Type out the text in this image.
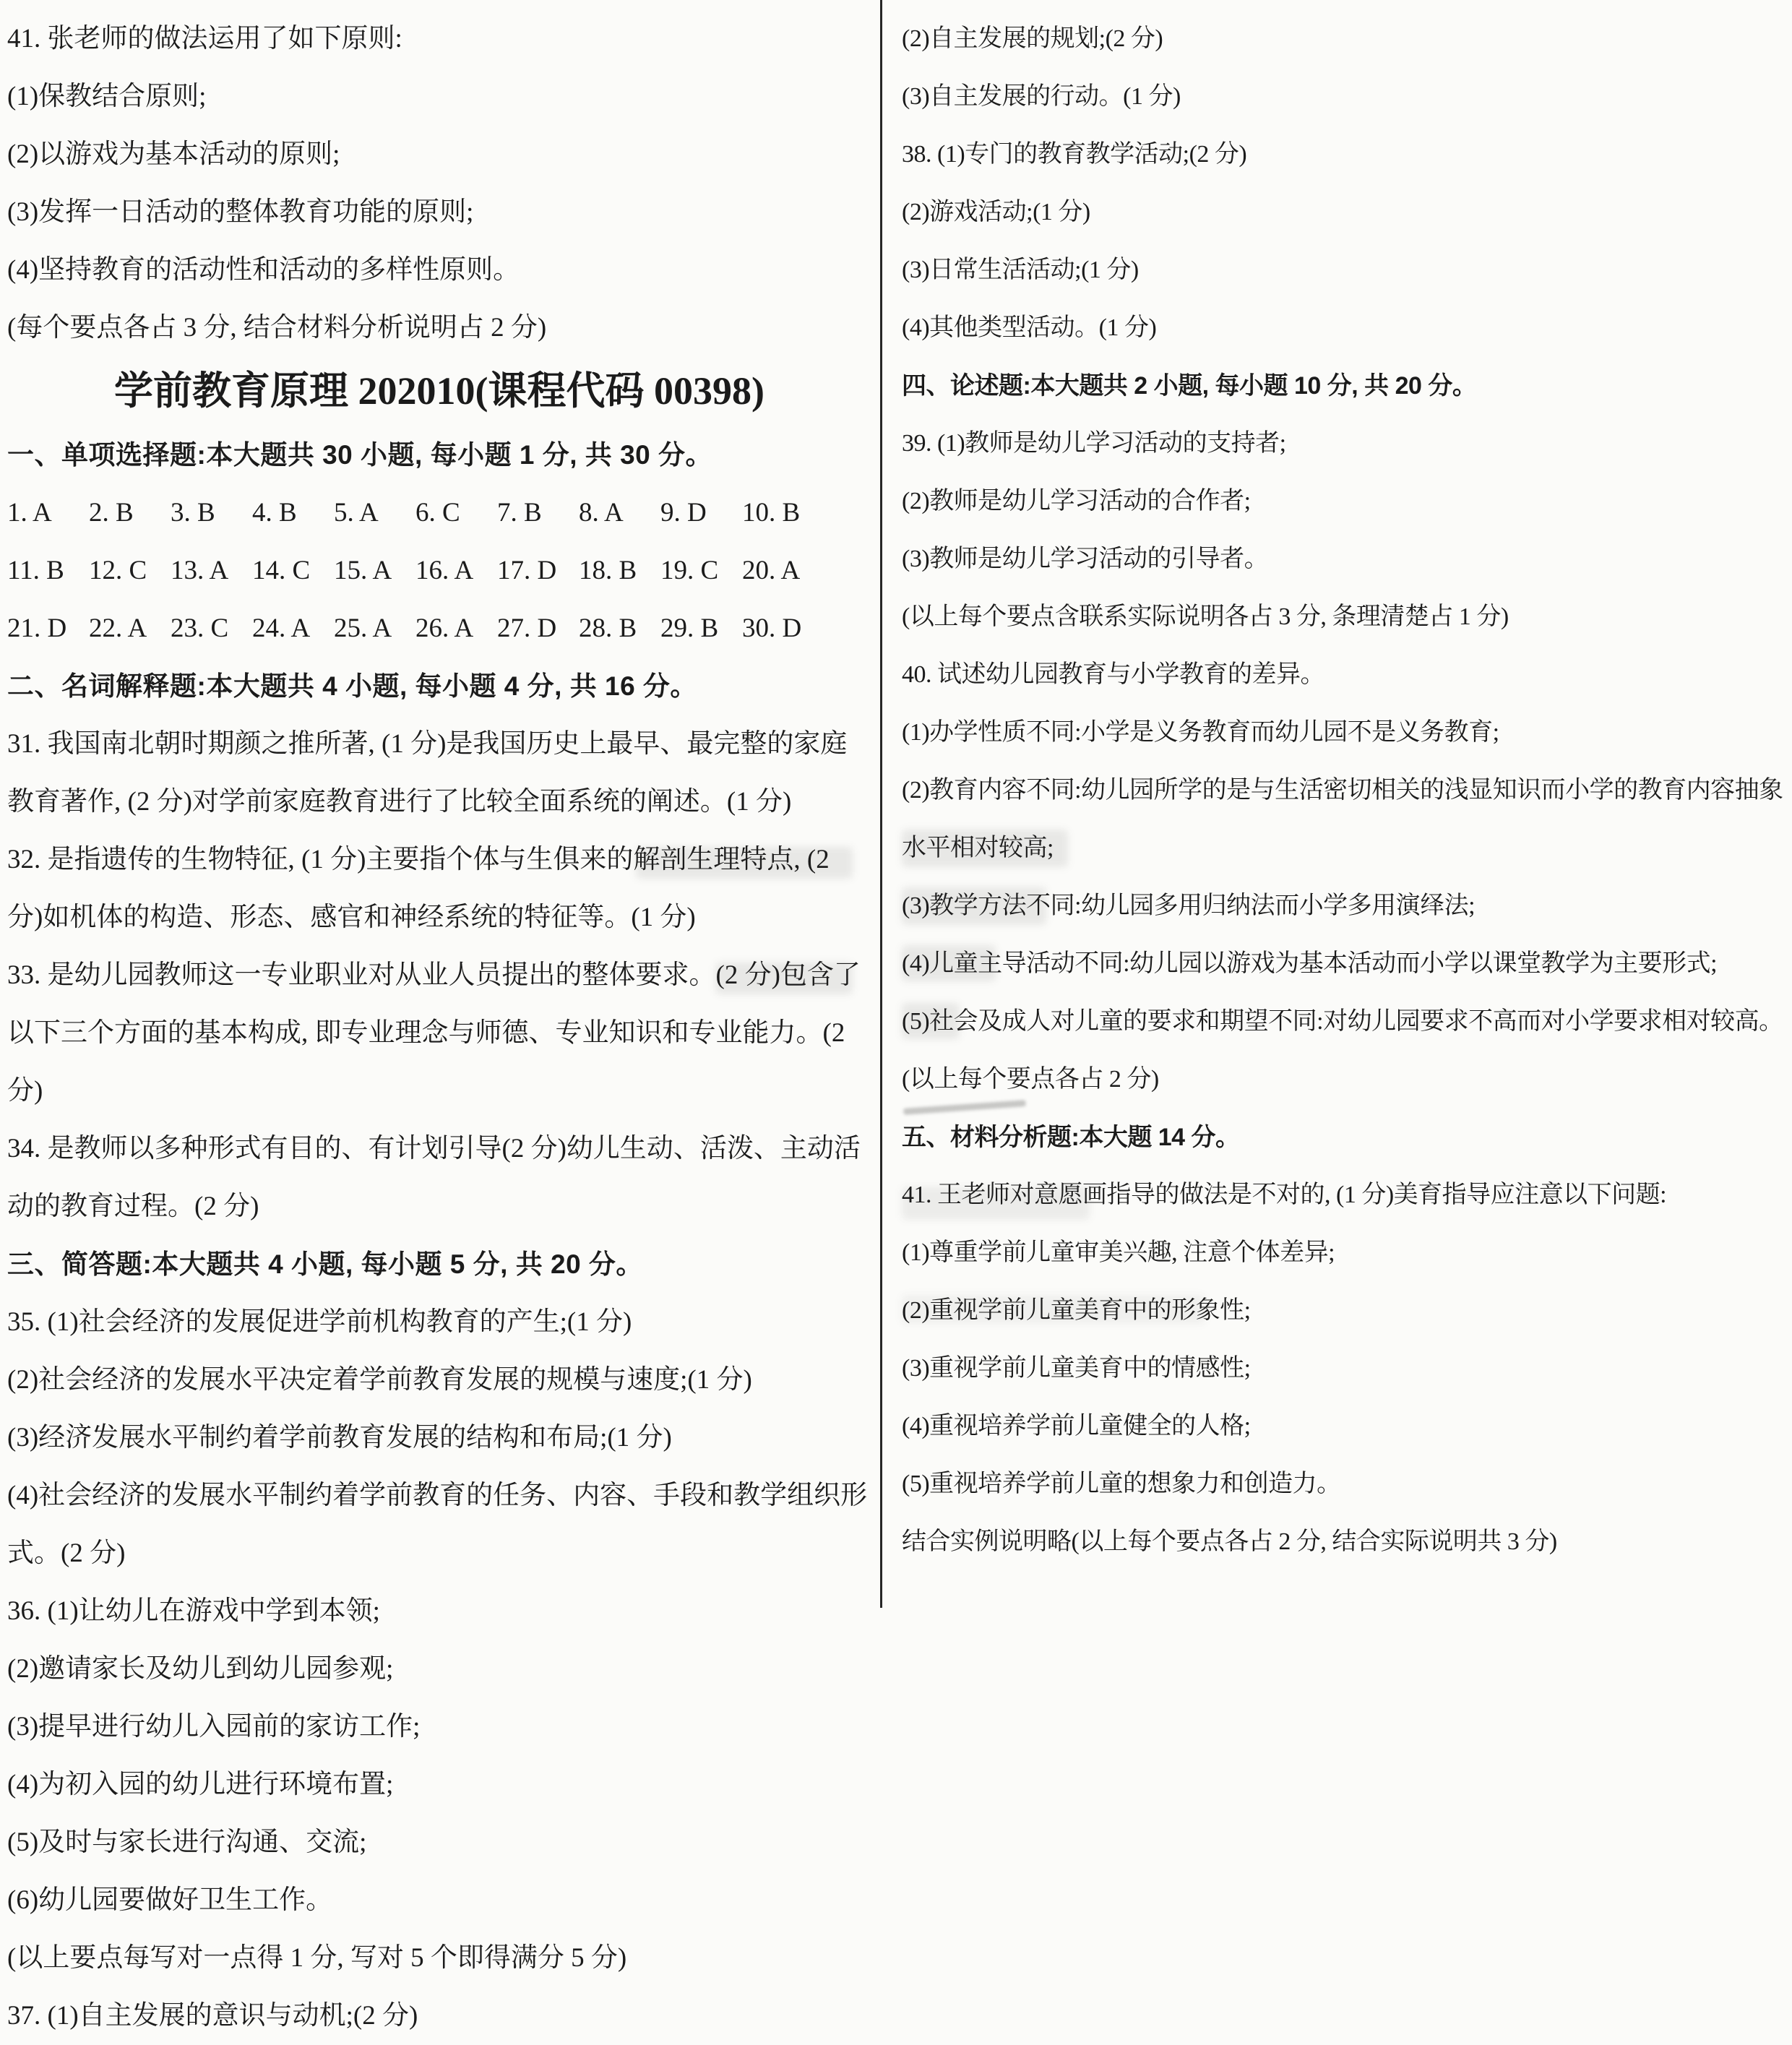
41. 张老师的做法运用了如下原则:

(1)保教结合原则;

(2)以游戏为基本活动的原则;

(3)发挥一日活动的整体教育功能的原则;

(4)坚持教育的活动性和活动的多样性原则。

(每个要点各占 3 分, 结合材料分析说明占 2 分)

学前教育原理 202010(课程代码 00398)

一、单项选择题:本大题共 30 小题, 每小题 1 分, 共 30 分。

1. A	2. B	3. B	4. B	5. A	6. C	7. B	8. A	9. D	10. B
11. B 12. C 13. A 14. C 15. A 16. A 17. D 18. B 19. C 20. A
21. D 22. A 23. C 24. A 25. A 26. A 27. D 28. B 29. B 30. D

二、名词解释题:本大题共 4 小题, 每小题 4 分, 共 16 分。

31. 我国南北朝时期颜之推所著, (1 分)是我国历史上最早、最完整的家庭教育著作, (2 分)对学前家庭教育进行了比较全面系统的阐述。(1 分)

32. 是指遗传的生物特征, (1 分)主要指个体与生俱来的解剖生理特点, (2 分)如机体的构造、形态、感官和神经系统的特征等。(1 分)

33. 是幼儿园教师这一专业职业对从业人员提出的整体要求。(2 分)包含了以下三个方面的基本构成, 即专业理念与师德、专业知识和专业能力。(2 分)

34. 是教师以多种形式有目的、有计划引导(2 分)幼儿生动、活泼、主动活动的教育过程。(2 分)

三、简答题:本大题共 4 小题, 每小题 5 分, 共 20 分。

35. (1)社会经济的发展促进学前机构教育的产生;(1 分)

(2)社会经济的发展水平决定着学前教育发展的规模与速度;(1 分)

(3)经济发展水平制约着学前教育发展的结构和布局;(1 分)

(4)社会经济的发展水平制约着学前教育的任务、内容、手段和教学组织形式。(2 分)

36. (1)让幼儿在游戏中学到本领;

(2)邀请家长及幼儿到幼儿园参观;

(3)提早进行幼儿入园前的家访工作;

(4)为初入园的幼儿进行环境布置;

(5)及时与家长进行沟通、交流;

(6)幼儿园要做好卫生工作。

(以上要点每写对一点得 1 分, 写对 5 个即得满分 5 分)

37. (1)自主发展的意识与动机;(2 分)

(2)自主发展的规划;(2 分)

(3)自主发展的行动。(1 分)

38. (1)专门的教育教学活动;(2 分)

(2)游戏活动;(1 分)

(3)日常生活活动;(1 分)

(4)其他类型活动。(1 分)

四、论述题:本大题共 2 小题, 每小题 10 分, 共 20 分。

39. (1)教师是幼儿学习活动的支持者;

(2)教师是幼儿学习活动的合作者;

(3)教师是幼儿学习活动的引导者。

(以上每个要点含联系实际说明各占 3 分, 条理清楚占 1 分)

40. 试述幼儿园教育与小学教育的差异。

(1)办学性质不同:小学是义务教育而幼儿园不是义务教育;

(2)教育内容不同:幼儿园所学的是与生活密切相关的浅显知识而小学的教育内容抽象水平相对较高;

(3)教学方法不同:幼儿园多用归纳法而小学多用演绎法;

(4)儿童主导活动不同:幼儿园以游戏为基本活动而小学以课堂教学为主要形式;

(5)社会及成人对儿童的要求和期望不同:对幼儿园要求不高而对小学要求相对较高。

(以上每个要点各占 2 分)

五、材料分析题:本大题 14 分。

41. 王老师对意愿画指导的做法是不对的, (1 分)美育指导应注意以下问题:

(1)尊重学前儿童审美兴趣, 注意个体差异;

(2)重视学前儿童美育中的形象性;

(3)重视学前儿童美育中的情感性;

(4)重视培养学前儿童健全的人格;

(5)重视培养学前儿童的想象力和创造力。

结合实例说明略(以上每个要点各占 2 分, 结合实际说明共 3 分)
